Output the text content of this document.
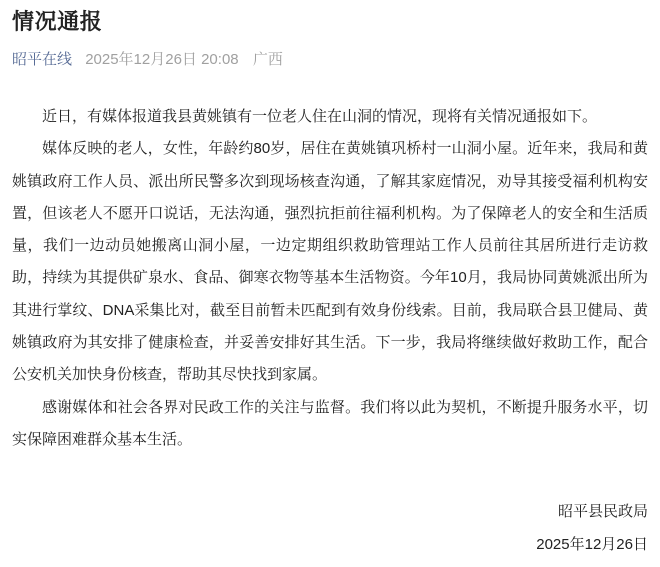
情况通报
昭平在线 2025年12月26日 20:08 广西

近日，有媒体报道我县黄姚镇有一位老人住在山洞的情况，现将有关情况通报如下。

媒体反映的老人，女性，年龄约80岁，居住在黄姚镇巩桥村一山洞小屋。近年来，我局和黄
姚镇政府工作人员、派出所民警多次到现场核查沟通，了解其家庭情况，劝导其接受福利机构安
置，但该老人不愿开口说话，无法沟通，强烈抗拒前往福利机构。为了保障老人的安全和生活质
量，我们一边动员她搬离山洞小屋，一边定期组织救助管理站工作人员前往其居所进行走访救
助，持续为其提供矿泉水、食品、御寒衣物等基本生活物资。今年10月，我局协同黄姚派出所为
其进行掌纹、DNA采集比对，截至目前暂未匹配到有效身份线索。目前，我局联合县卫健局、黄
姚镇政府为其安排了健康检查，并妥善安排好其生活。下一步，我局将继续做好救助工作，配合
公安机关加快身份核查，帮助其尽快找到家属。

感谢媒体和社会各界对民政工作的关注与监督。我们将以此为契机，不断提升服务水平，切
实保障困难群众基本生活。

昭平县民政局
2025年12月26日
